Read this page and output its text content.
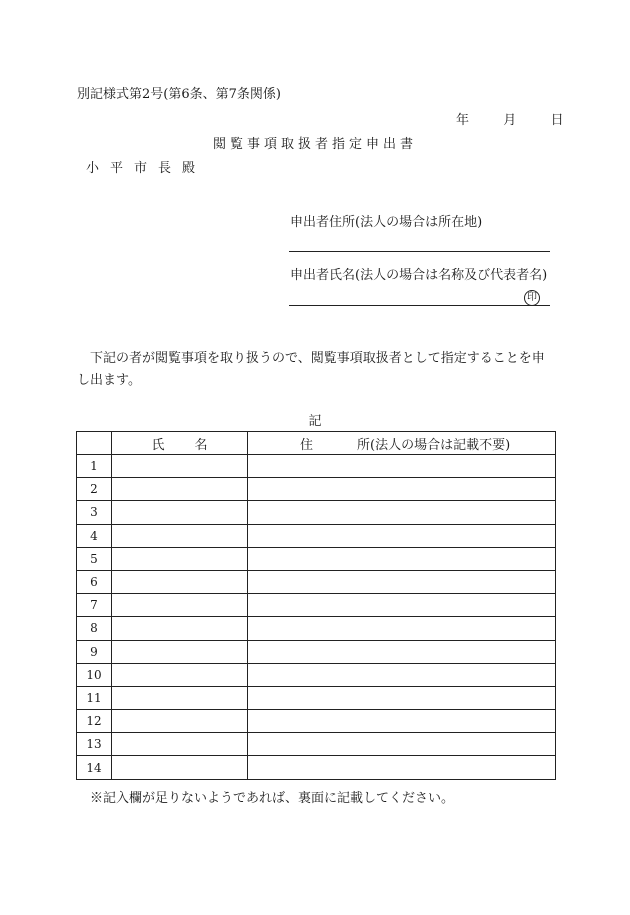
別記様式第2号(第6条、第7条関係)
年	月	日
閲覧事項取扱者指定申出書
小平市長殿
申出者住所(法人の場合は所在地)
申出者氏名(法人の場合は名称及び代表者名)
印
下記の者が閲覧事項を取り扱うので、閲覧事項取扱者として指定することを申し出ます。
記
	氏 名	住 所(法人の場合は記載不要)
1		
2		
3		
4		
5		
6		
7		
8		
9		
10		
11		
12		
13		
14		
※記入欄が足りないようであれば、裏面に記載してください。
